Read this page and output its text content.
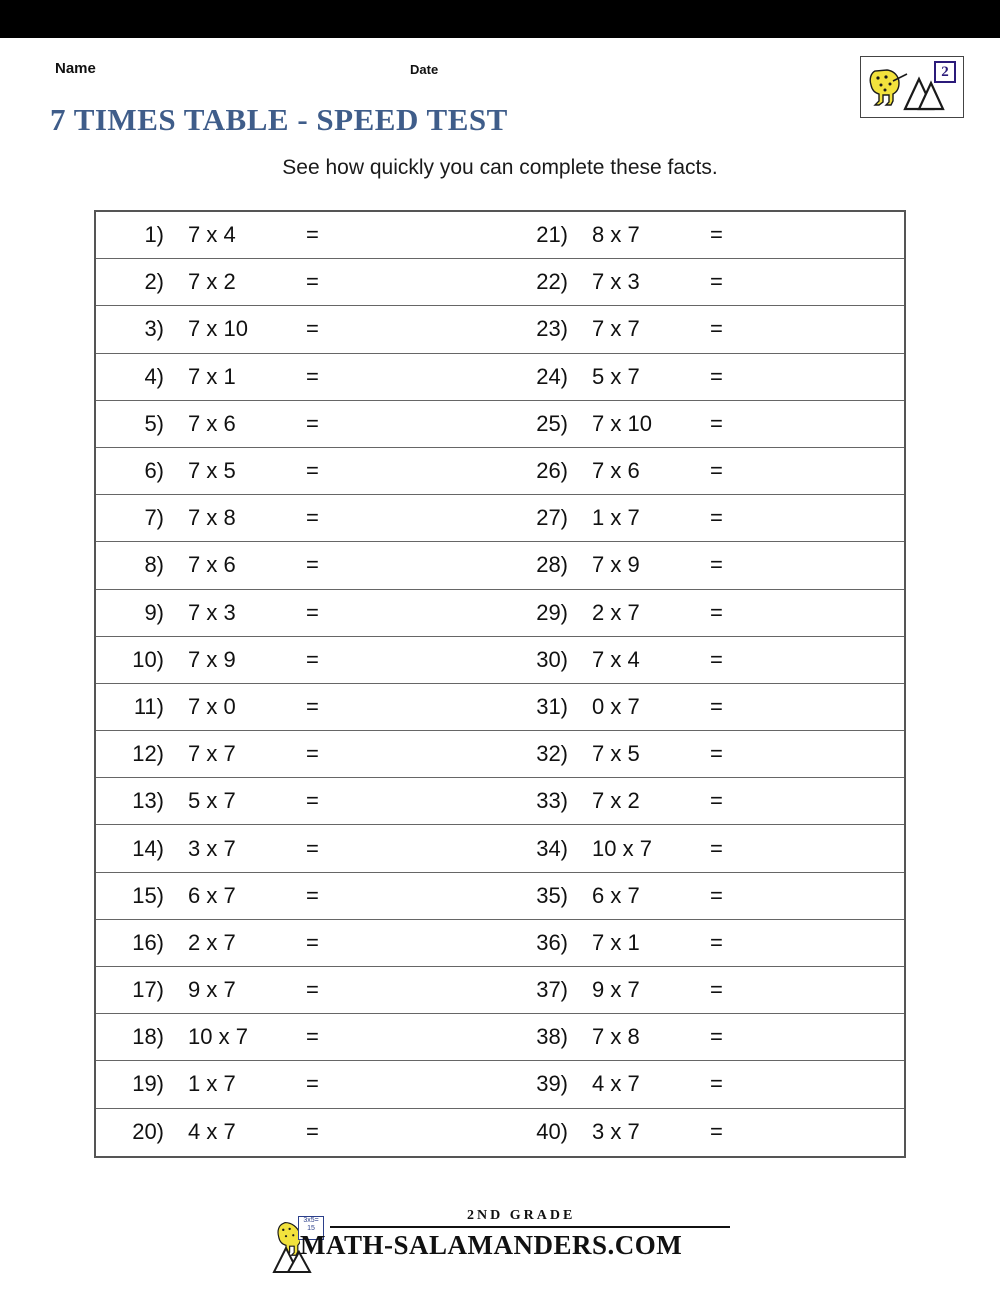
Name	Date	2
7 TIMES TABLE - SPEED TEST
See how quickly you can complete these facts.
1)	7 x 4	=	21)	8 x 7	=
2)	7 x 2	=	22)	7 x 3	=
3)	7 x 10	=	23)	7 x 7	=
4)	7 x 1	=	24)	5 x 7	=
5)	7 x 6	=	25)	7 x 10	=
6)	7 x 5	=	26)	7 x 6	=
7)	7 x 8	=	27)	1 x 7	=
8)	7 x 6	=	28)	7 x 9	=
9)	7 x 3	=	29)	2 x 7	=
10)	7 x 9	=	30)	7 x 4	=
11)	7 x 0	=	31)	0 x 7	=
12)	7 x 7	=	32)	7 x 5	=
13)	5 x 7	=	33)	7 x 2	=
14)	3 x 7	=	34)	10 x 7	=
15)	6 x 7	=	35)	6 x 7	=
16)	2 x 7	=	36)	7 x 1	=
17)	9 x 7	=	37)	9 x 7	=
18)	10 x 7	=	38)	7 x 8	=
19)	1 x 7	=	39)	4 x 7	=
20)	4 x 7	=	40)	3 x 7	=
3x5= 15
2ND GRADE
MATH-SALAMANDERS.COM
